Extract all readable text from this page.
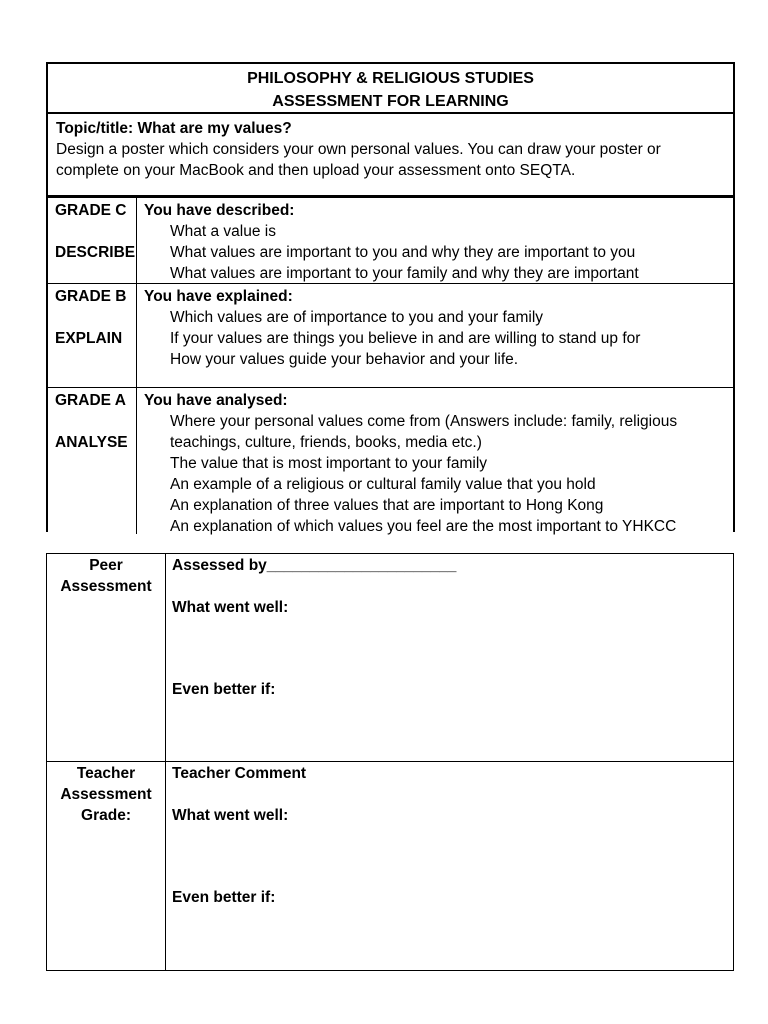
PHILOSOPHY & RELIGIOUS STUDIES
ASSESSMENT FOR LEARNING
Topic/title: What are my values?
Design a poster which considers your own personal values. You can draw your poster or complete on your MacBook and then upload your assessment onto SEQTA.
GRADE C
DESCRIBE
You have described:
What a value is
What values are important to you and why they are important to you
What values are important to your family and why they are important
GRADE B
EXPLAIN
You have explained:
Which values are of importance to you and your family
If your values are things you believe in and are willing to stand up for
How your values guide your behavior and your life.
GRADE A
ANALYSE
You have analysed:
Where your personal values come from (Answers include: family, religious teachings, culture, friends, books, media etc.)
The value that is most important to your family
An example of a religious or cultural family value that you hold
An explanation of three values that are important to Hong Kong
An explanation of which values you feel are the most important to YHKCC
Peer
Assessment
Assessed by______________________
What went well:
Even better if:
Teacher
Assessment
Grade:
Teacher Comment
What went well:
Even better if:
